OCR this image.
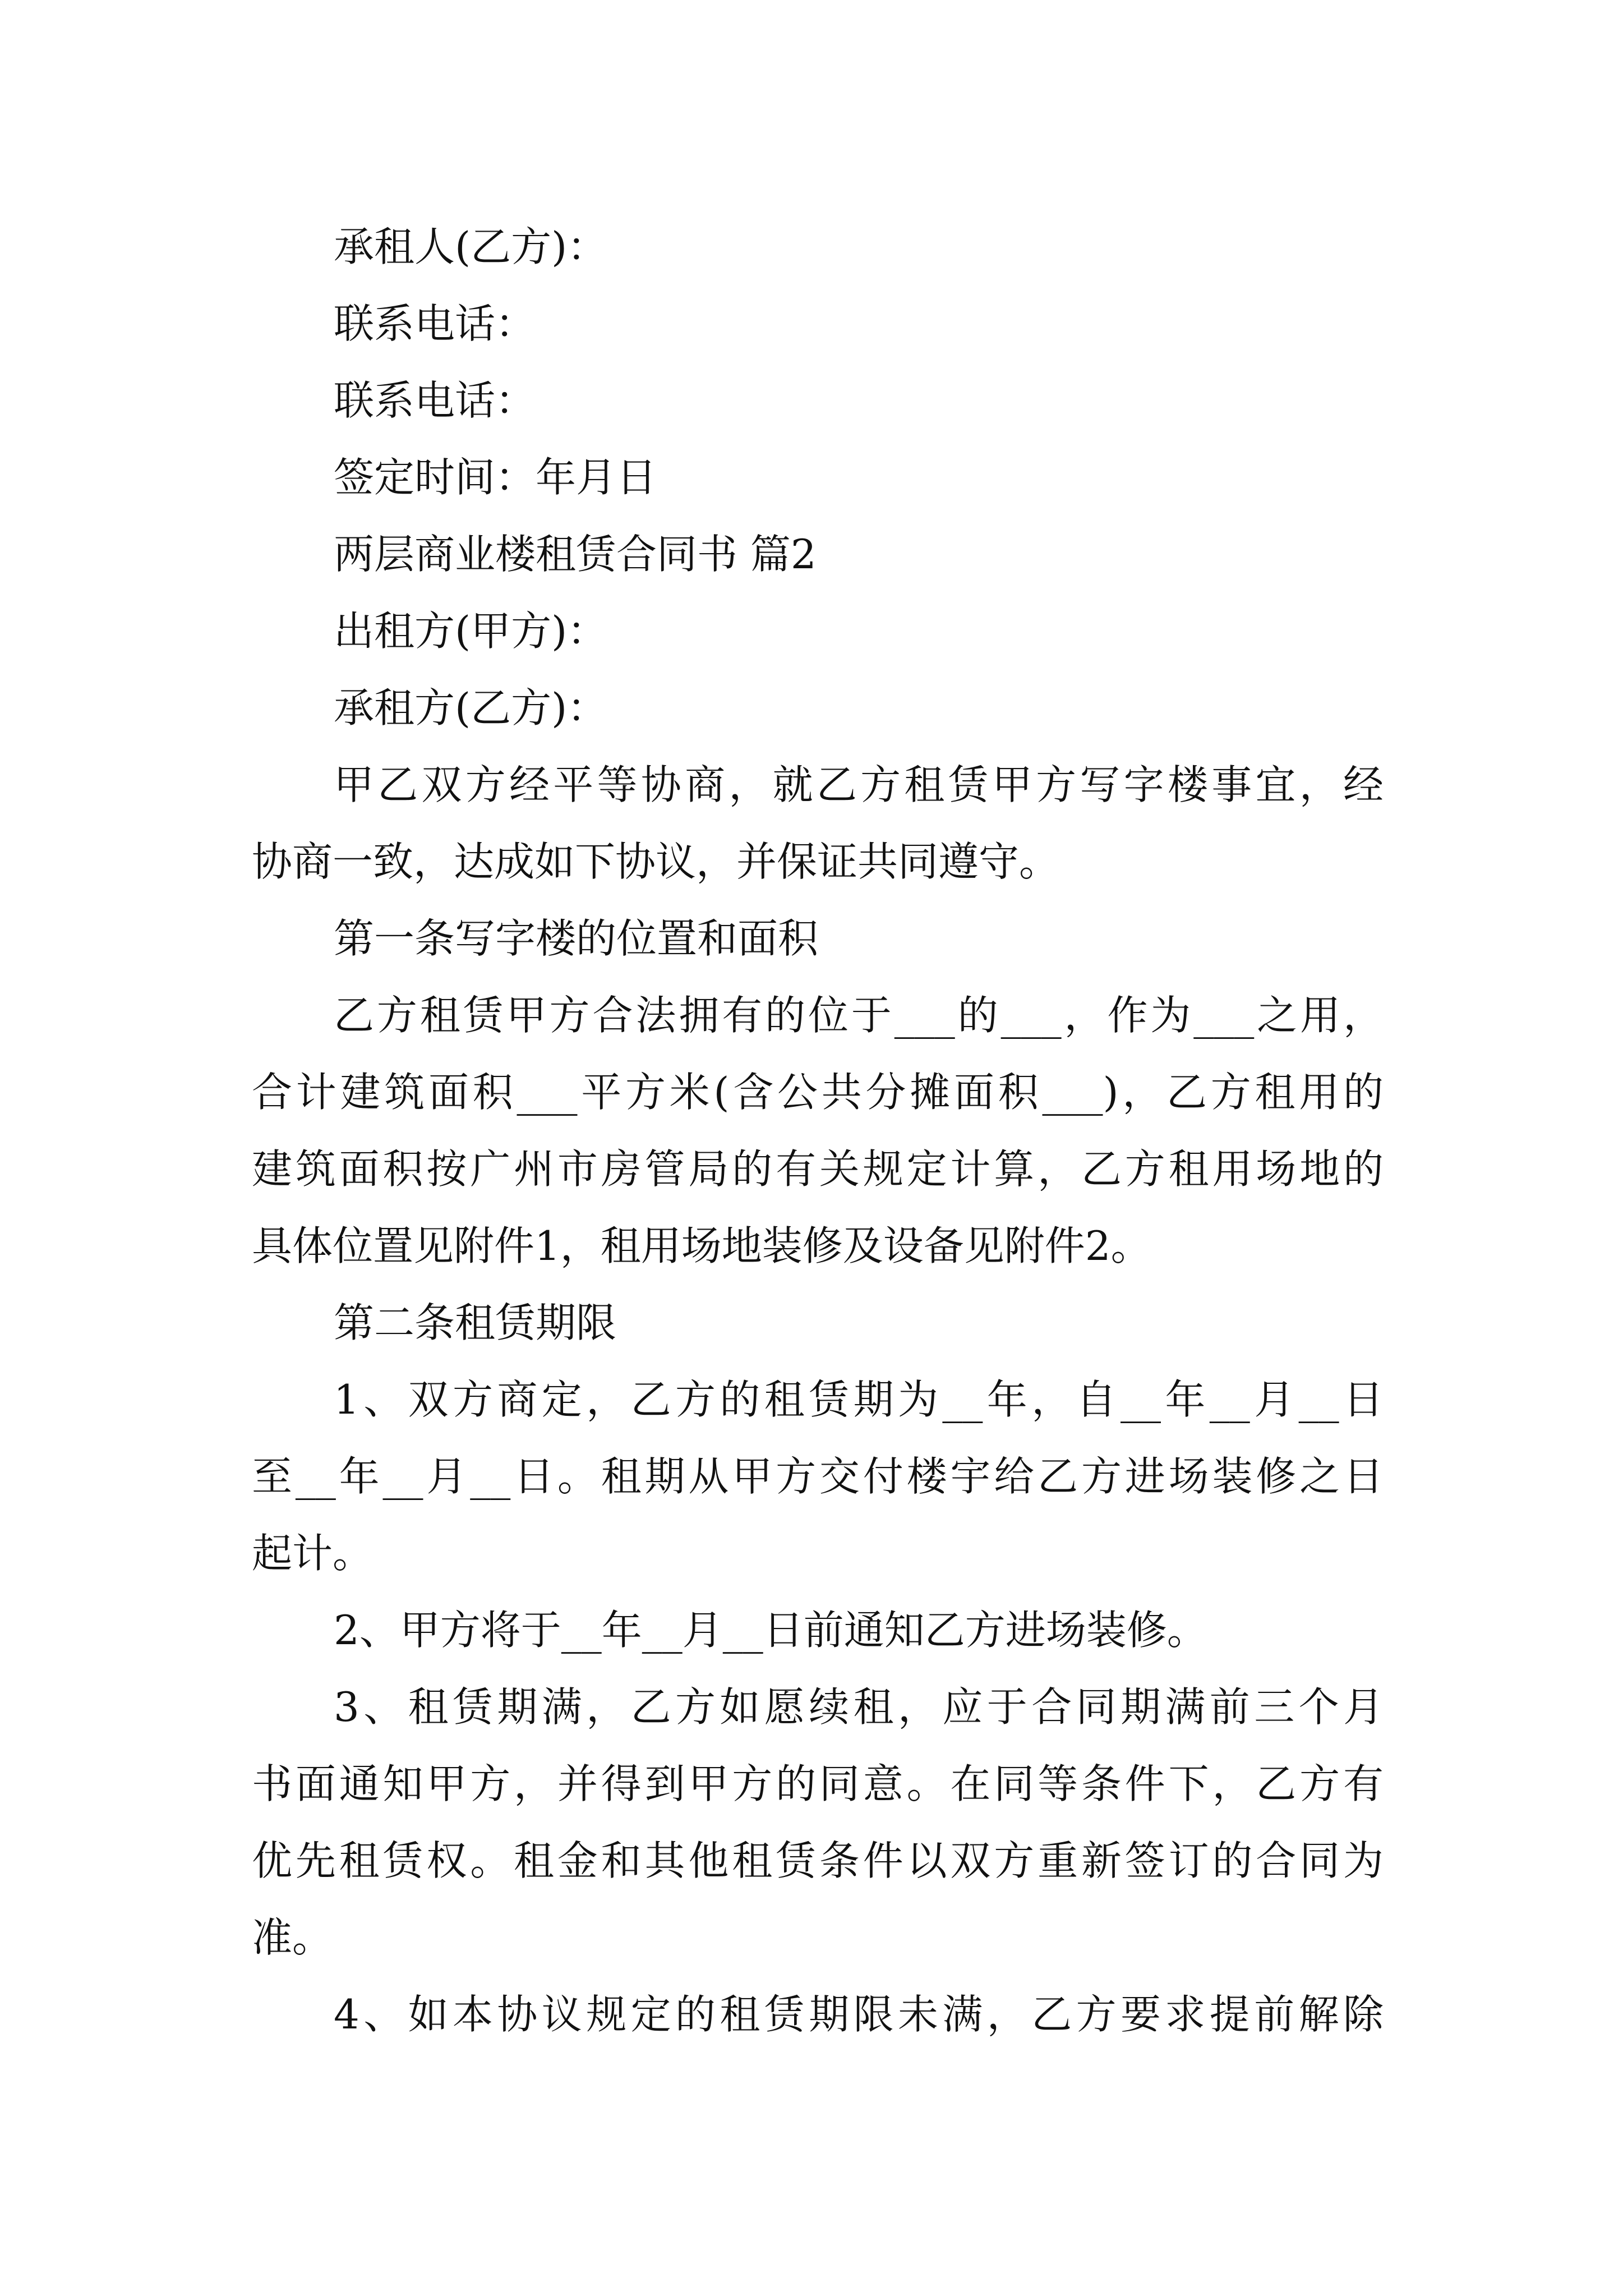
承租人(乙方)：

联系电话：

联系电话：

签定时间：年月日

两层商业楼租赁合同书 篇2

出租方(甲方)：

承租方(乙方)：

甲乙双方经平等协商，就乙方租赁甲方写字楼事宜，经

协商一致，达成如下协议，并保证共同遵守。

第一条写字楼的位置和面积

乙方租赁甲方合法拥有的位于___的___，作为___之用，

合计建筑面积___平方米(含公共分摊面积___)，乙方租用的

建筑面积按广州市房管局的有关规定计算，乙方租用场地的

具体位置见附件1，租用场地装修及设备见附件2。

第二条租赁期限

1、双方商定，乙方的租赁期为__年，自__年__月__日

至__年__月__日。租期从甲方交付楼宇给乙方进场装修之日

起计。

2、甲方将于__年__月__日前通知乙方进场装修。

3、租赁期满，乙方如愿续租，应于合同期满前三个月

书面通知甲方，并得到甲方的同意。在同等条件下，乙方有

优先租赁权。租金和其他租赁条件以双方重新签订的合同为

准。

4、如本协议规定的租赁期限未满，乙方要求提前解除
